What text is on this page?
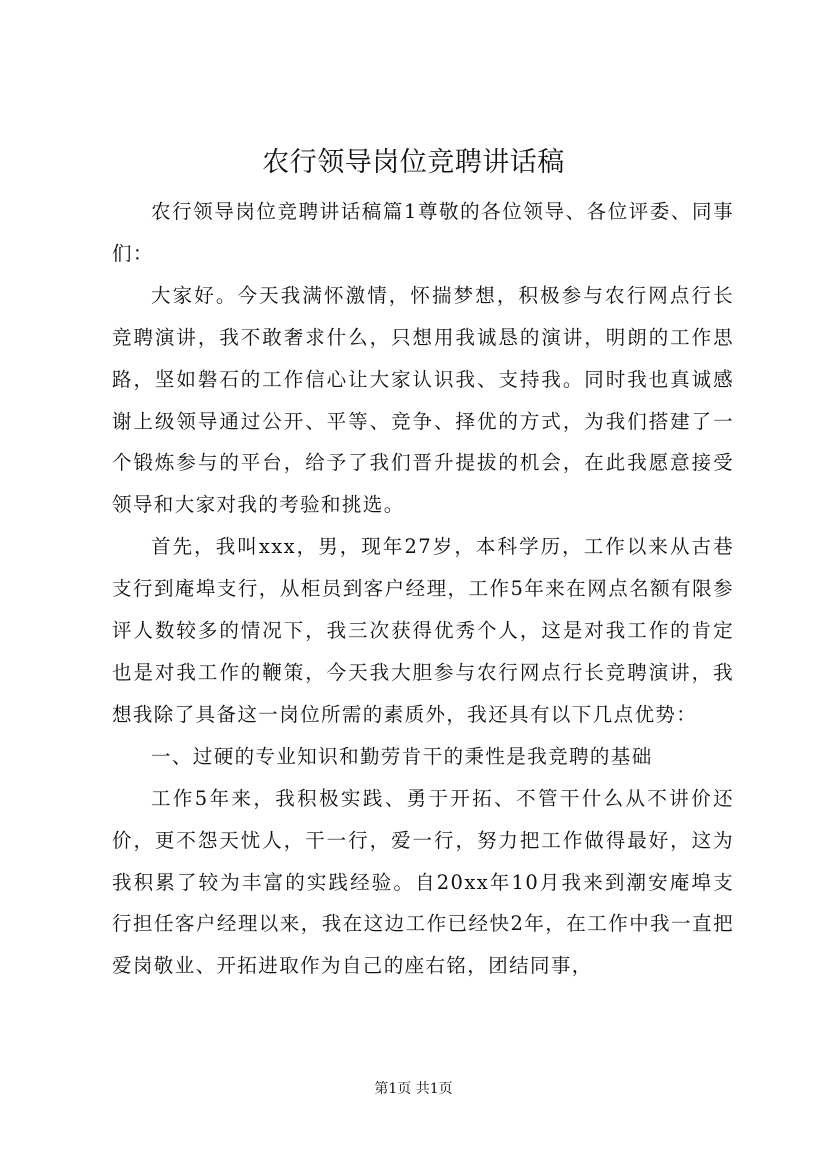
农行领导岗位竞聘讲话稿

农行领导岗位竞聘讲话稿篇1尊敬的各位领导、各位评委、同事们：

大家好。今天我满怀激情，怀揣梦想，积极参与农行网点行长竞聘演讲，我不敢奢求什么，只想用我诚恳的演讲，明朗的工作思路，坚如磐石的工作信心让大家认识我、支持我。同时我也真诚感谢上级领导通过公开、平等、竞争、择优的方式，为我们搭建了一个锻炼参与的平台，给予了我们晋升提拔的机会，在此我愿意接受领导和大家对我的考验和挑选。

首先，我叫xxx，男，现年27岁，本科学历，工作以来从古巷支行到庵埠支行，从柜员到客户经理，工作5年来在网点名额有限参评人数较多的情况下，我三次获得优秀个人，这是对我工作的肯定也是对我工作的鞭策，今天我大胆参与农行网点行长竞聘演讲，我想我除了具备这一岗位所需的素质外，我还具有以下几点优势：

一、过硬的专业知识和勤劳肯干的秉性是我竞聘的基础

工作5年来，我积极实践、勇于开拓、不管干什么从不讲价还价，更不怨天忧人，干一行，爱一行，努力把工作做得最好，这为我积累了较为丰富的实践经验。自20xx年10月我来到潮安庵埠支行担任客户经理以来，我在这边工作已经快2年，在工作中我一直把爱岗敬业、开拓进取作为自己的座右铭，团结同事，

第1页 共1页
